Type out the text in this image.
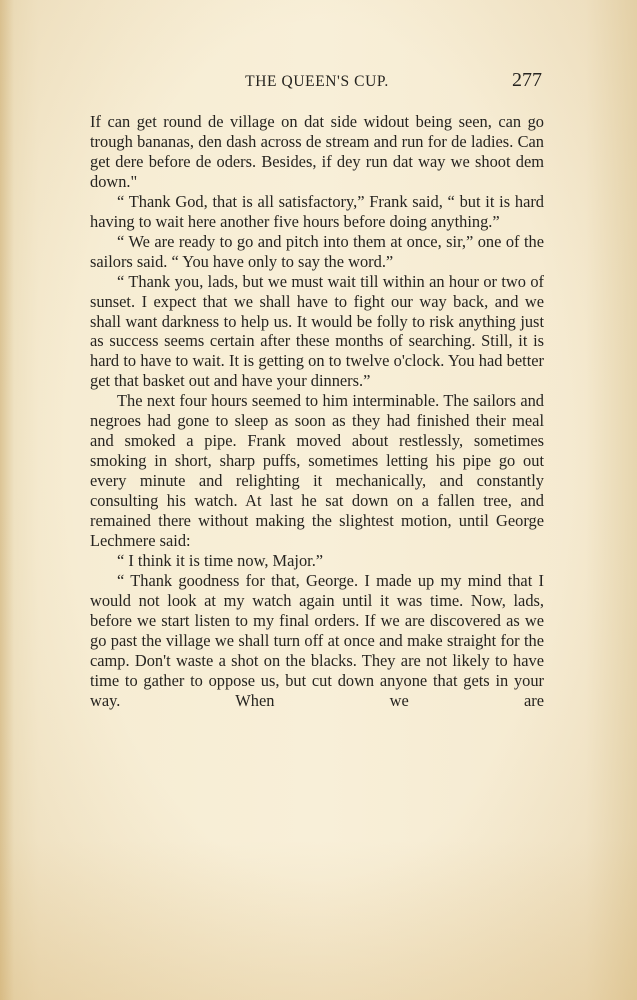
THE QUEEN'S CUP.	277

If can get round de village on dat side widout being seen, can go trough bananas, den dash across de stream and run for de ladies. Can get dere before de oders. Besides, if dey run dat way we shoot dem down."

“ Thank God, that is all satisfactory,” Frank said, “ but it is hard having to wait here another five hours before doing anything.”

“ We are ready to go and pitch into them at once, sir,” one of the sailors said. “ You have only to say the word.”

“ Thank you, lads, but we must wait till within an hour or two of sunset. I expect that we shall have to fight our way back, and we shall want darkness to help us. It would be folly to risk anything just as success seems certain after these months of searching. Still, it is hard to have to wait. It is getting on to twelve o'clock. You had better get that basket out and have your dinners.”

The next four hours seemed to him interminable. The sailors and negroes had gone to sleep as soon as they had finished their meal and smoked a pipe. Frank moved about restlessly, sometimes smoking in short, sharp puffs, sometimes letting his pipe go out every minute and relighting it mechanically, and constantly consulting his watch. At last he sat down on a fallen tree, and remained there without making the slightest motion, until George Lechmere said:

“ I think it is time now, Major.”

“ Thank goodness for that, George. I made up my mind that I would not look at my watch again until it was time. Now, lads, before we start listen to my final orders. If we are discovered as we go past the village we shall turn off at once and make straight for the camp. Don't waste a shot on the blacks. They are not likely to have time to gather to oppose us, but cut down anyone that gets in your way. When we are
